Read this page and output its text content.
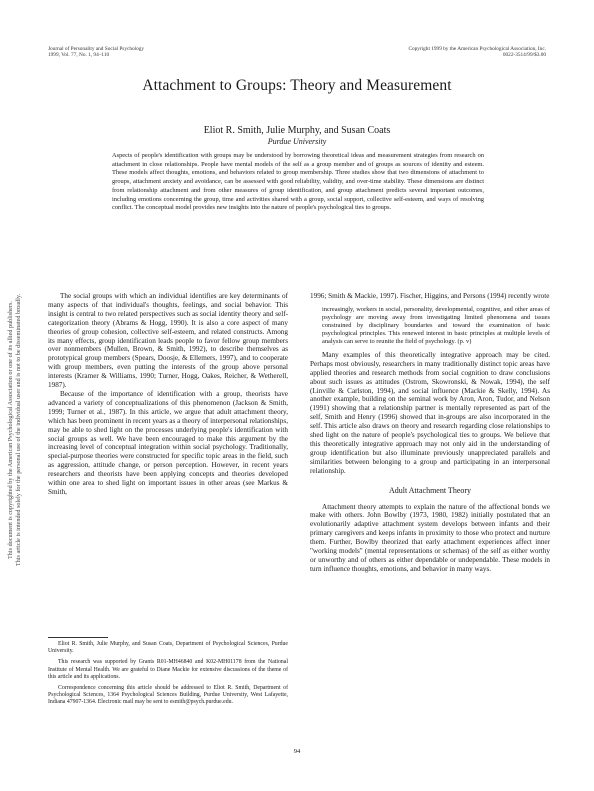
This document is copyrighted by the American Psychological Association or one of its allied publishers. This article is intended solely for the personal use of the individual user and is not to be disseminated broadly.
Journal of Personality and Social Psychology
1999, Vol. 77, No. 1, 94–110
Copyright 1999 by the American Psychological Association, Inc.
0022-3514/99/$3.00
Attachment to Groups: Theory and Measurement
Eliot R. Smith, Julie Murphy, and Susan Coats
Purdue University
Aspects of people's identification with groups may be understood by borrowing theoretical ideas and measurement strategies from research on attachment in close relationships. People have mental models of the self as a group member and of groups as sources of identity and esteem. These models affect thoughts, emotions, and behaviors related to group membership. Three studies show that two dimensions of attachment to groups, attachment anxiety and avoidance, can be assessed with good reliability, validity, and over-time stability. These dimensions are distinct from relationship attachment and from other measures of group identification, and group attachment predicts several important outcomes, including emotions concerning the group, time and activities shared with a group, social support, collective self-esteem, and ways of resolving conflict. The conceptual model provides new insights into the nature of people's psychological ties to groups.

The social groups with which an individual identifies are key determinants of many aspects of that individual's thoughts, feelings, and social behavior. This insight is central to two related perspectives such as social identity theory and self-categorization theory (Abrams & Hogg, 1990). It is also a core aspect of many theories of group cohesion, collective self-esteem, and related constructs. Among its many effects, group identification leads people to favor fellow group members over nonmembers (Mullen, Brown, & Smith, 1992), to describe themselves as prototypical group members (Spears, Doosje, & Ellemers, 1997), and to cooperate with group members, even putting the interests of the group above personal interests (Kramer & Williams, 1990; Turner, Hogg, Oakes, Reicher, & Wetherell, 1987).

Because of the importance of identification with a group, theorists have advanced a variety of conceptualizations of this phenomenon (Jackson & Smith, 1999; Turner et al., 1987). In this article, we argue that adult attachment theory, which has been prominent in recent years as a theory of interpersonal relationships, may be able to shed light on the processes underlying people's identification with social groups as well. We have been encouraged to make this argument by the increasing level of conceptual integration within social psychology. Traditionally, special-purpose theories were constructed for specific topic areas in the field, such as aggression, attitude change, or person perception. However, in recent years researchers and theorists have been applying concepts and theories developed within one area to shed light on important issues in other areas (see Markus & Smith,

1996; Smith & Mackie, 1997). Fischer, Higgins, and Persons (1994) recently wrote

increasingly, workers in social, personality, developmental, cognitive, and other areas of psychology are moving away from investigating limited phenomena and issues constrained by disciplinary boundaries and toward the examination of basic psychological principles. This renewed interest in basic principles at multiple levels of analysis can serve to reunite the field of psychology. (p. v)

Many examples of this theoretically integrative approach may be cited. Perhaps most obviously, researchers in many traditionally distinct topic areas have applied theories and research methods from social cognition to draw conclusions about such issues as attitudes (Ostrom, Skowronski, & Nowak, 1994), the self (Linville & Carlston, 1994), and social influence (Mackie & Skelly, 1994). As another example, building on the seminal work by Aron, Aron, Tudor, and Nelson (1991) showing that a relationship partner is mentally represented as part of the self, Smith and Henry (1996) showed that in-groups are also incorporated in the self. This article also draws on theory and research regarding close relationships to shed light on the nature of people's psychological ties to groups. We believe that this theoretically integrative approach may not only aid in the understanding of group identification but also illuminate previously unappreciated parallels and similarities between belonging to a group and participating in an interpersonal relationship.

Adult Attachment Theory

Attachment theory attempts to explain the nature of the affectional bonds we make with others. John Bowlby (1973, 1980, 1982) initially postulated that an evolutionarily adaptive attachment system develops between infants and their primary caregivers and keeps infants in proximity to those who protect and nurture them. Further, Bowlby theorized that early attachment experiences affect inner "working models" (mental representations or schemas) of the self as either worthy or unworthy and of others as either dependable or undependable. These models in turn influence thoughts, emotions, and behavior in many ways.

Eliot R. Smith, Julie Murphy, and Susan Coats, Department of Psychological Sciences, Purdue University.

This research was supported by Grants R01-MH46840 and K02-MH01178 from the National Institute of Mental Health. We are grateful to Diane Mackie for extensive discussions of the theme of this article and its applications.

Correspondence concerning this article should be addressed to Eliot R. Smith, Department of Psychological Sciences, 1364 Psychological Sciences Building, Purdue University, West Lafayette, Indiana 47907-1364. Electronic mail may be sent to esmith@psych.purdue.edu.

94
